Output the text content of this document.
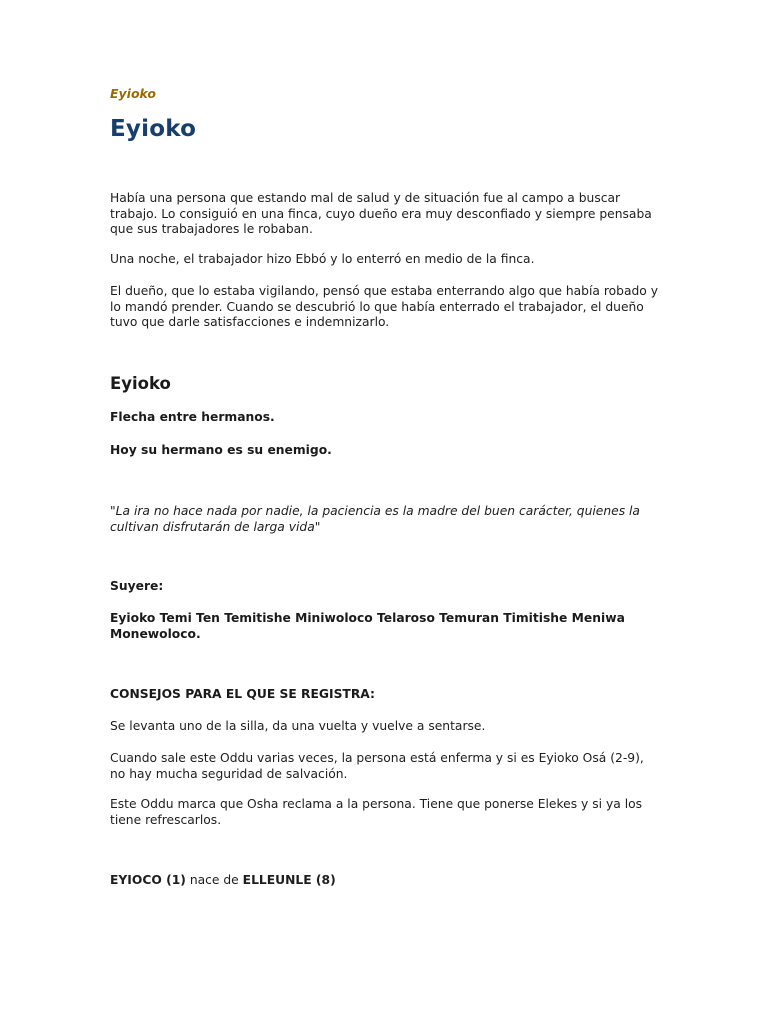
Eyioko
Eyioko

Había una persona que estando mal de salud y de situación fue al campo a buscar trabajo. Lo consiguió en una finca, cuyo dueño era muy desconfiado y siempre pensaba que sus trabajadores le robaban.

Una noche, el trabajador hizo Ebbó y lo enterró en medio de la finca.

El dueño, que lo estaba vigilando, pensó que estaba enterrando algo que había robado y lo mandó prender. Cuando se descubrió lo que había enterrado el trabajador, el dueño tuvo que darle satisfacciones e indemnizarlo.

Eyioko

Flecha entre hermanos.

Hoy su hermano es su enemigo.

"La ira no hace nada por nadie, la paciencia es la madre del buen carácter, quienes la cultivan disfrutarán de larga vida"

Suyere:

Eyioko Temi Ten Temitishe Miniwoloco Telaroso Temuran Timitishe Meniwa Monewoloco.

CONSEJOS PARA EL QUE SE REGISTRA:

Se levanta uno de la silla, da una vuelta y vuelve a sentarse.

Cuando sale este Oddu varias veces, la persona está enferma y si es Eyioko Osá (2-9), no hay mucha seguridad de salvación.

Este Oddu marca que Osha reclama a la persona. Tiene que ponerse Elekes y si ya los tiene refrescarlos.

EYIOCO (1) nace de ELLEUNLE (8)
